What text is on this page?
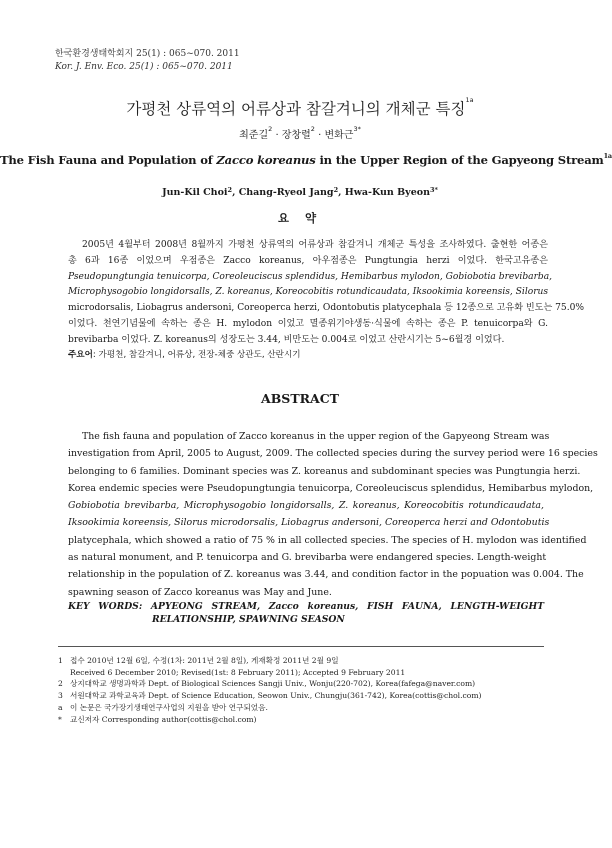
한국환경생태학회지 25(1) : 065~070. 2011
Kor. J. Env. Eco. 25(1) : 065~070. 2011
가평천 상류역의 어류상과 참갈겨니의 개체군 특징$^{1a}$
최준길$^2$ · 장창렬$^2$ · 변화근$^{3*}$
The Fish Fauna and Population of Zacco koreanus in the Upper Region of the Gapyeong Stream$^{1a}$
Jun-Kil Choi$^2$, Chang-Ryeol Jang$^2$, Hwa-Kun Byeon$^{3*}$
요 약
2005년 4월부터 2008년 8월까지 가평천 상류역의 어류상과 참갈겨니 개체군 특성을 조사하였다. 출현한 어종은
총 6과 16종 이었으며 우점종은 Zacco koreanus, 아우점종은 Pungtungia herzi 이었다. 한국고유종은
Pseudopungtungia tenuicorpa, Coreoleuciscus splendidus, Hemibarbus mylodon, Gobiobotia brevibarba,
Microphysogobio longidorsalls, Z. koreanus, Koreocobitis rotundicaudata, Iksookimia koreensis, Silorus
microdorsalis, Liobagrus andersoni, Coreoperca herzi, Odontobutis platycephala 등 12종으로 고유화 빈도는 75.0%
이었다. 천연기념물에 속하는 종은 H. mylodon 이었고 멸종위기야생동·식물에 속하는 종은 P. tenuicorpa와 G.
brevibarba 이었다. Z. koreanus의 성장도는 3.44, 비만도는 0.004로 이었고 산란시기는 5~6월경 이었다.
주요어: 가평천, 참갈겨니, 어류상, 전장-체중 상관도, 산란시기
ABSTRACT
The fish fauna and population of Zacco koreanus in the upper region of the Gapyeong Stream was
investigation from April, 2005 to August, 2009. The collected species during the survey period were 16 species
belonging to 6 families. Dominant species was Z. koreanus and subdominant species was Pungtungia herzi.
Korea endemic species were Pseudopungtungia tenuicorpa, Coreoleuciscus splendidus, Hemibarbus mylodon,
Gobiobotia brevibarba, Microphysogobio longidorsalls, Z. koreanus, Koreocobitis rotundicaudata,
Iksookimia koreensis, Silorus microdorsalis, Liobagrus andersoni, Coreoperca herzi and Odontobutis
platycephala, which showed a ratio of 75 % in all collected species. The species of H. mylodon was identified
as natural monument, and P. tenuicorpa and G. brevibarba were endangered species. Length-weight
relationship in the population of Z. koreanus was 3.44, and condition factor in the popuation was 0.004. The
spawning season of Zacco koreanus was May and June.
KEY WORDS: APYEONG STREAM, Zacco koreanus, FISH FAUNA, LENGTH-WEIGHT
RELATIONSHIP, SPAWNING SEASON
1 접수 2010년 12월 6일, 수정(1차: 2011년 2월 8일), 게재확정 2011년 2월 9일
Received 6 December 2010; Revised(1st: 8 February 2011); Accepted 9 February 2011
2 상지대학교 생명과학과 Dept. of Biological Sciences Sangji Univ., Wonju(220-702), Korea(fafega@naver.com)
3 서원대학교 과학교육과 Dept. of Science Education, Seowon Univ., Chungju(361-742), Korea(cottis@chol.com)
a 이 논문은 국가장기생태연구사업의 지원을 받아 연구되었음.
* 교신저자 Corresponding author(cottis@chol.com)
